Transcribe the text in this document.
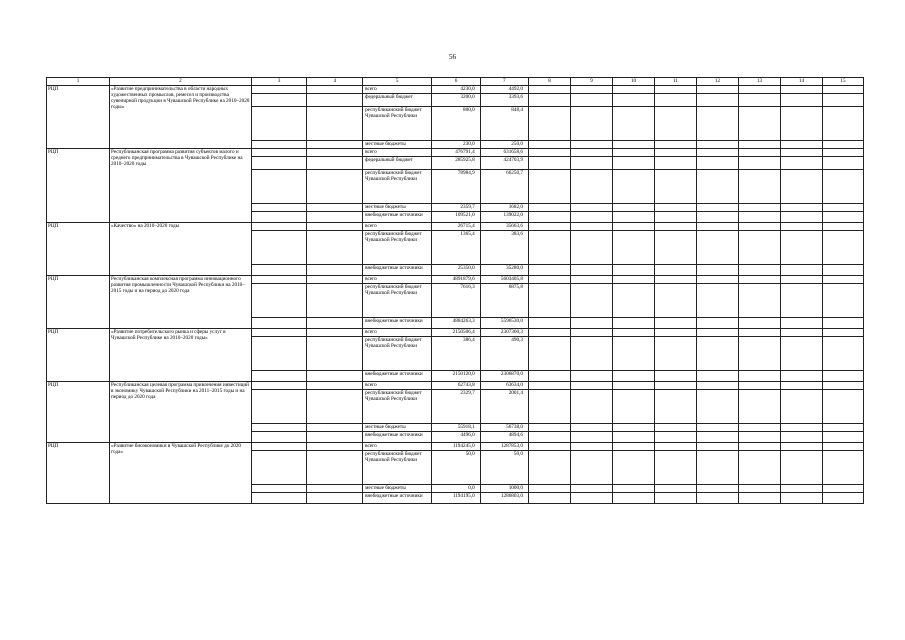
56
1	2	3	4	5	6	7	8	9	10	11	12	13	14	15
РЦП	«Развитие предпринимательства в области народных художественных промыслов, ремесел и производства сувенирной продукции в Чувашской Республике на 2010–2020 годы»			всего	4230,0	4492,0								
				федеральный бюджет	3200,0	3393,6								
				республиканский бюджет Чувашской Республики	800,0	848,4								
				местные бюджеты	230,0	250,0								
РЦП	Республиканская программа развития субъектов малого и среднего предпринимательства в Чувашской Республике на 2010–2020 годы			всего	476791,4	631658,6								
				федеральный бюджет	285925,8	424703,9								
				республиканский бюджет Чувашской Республики	78984,9	66250,7								
				местные бюджеты	2359,7	1682,0								
				внебюджетные источники	109521,0	139022,0								
РЦП	«Качество» на 2010–2020 годы			всего	26715,4	35663,6								
				республиканский бюджет Чувашской Республики	1365,4	383,6								
				внебюджетные источники	25350,0	35280,0								
РЦП	Республиканская комплексная программа инновационного развития промышленности Чувашской Республики на 2010–2015 годы и на период до 2020 года			всего	4891879,6	5603405,8								
				республиканский бюджет Чувашской Республики	7616,3	6875,8								
				внебюджетные источники	4884263,3	5596530,0								
РЦП	«Развитие потребительского рынка и сферы услуг в Чувашской Республике на 2010–2020 годы»			всего	2150506,4	2307360,3								
				республиканский бюджет Чувашской Республики	386,4	490,3								
				внебюджетные источники	2150120,0	2306870,0								
РЦП	Республиканская целевая программа привлечения инвестиций в экономику Чувашской Республики на 2011–2015 годы и на период до 2020 года			всего	62743,8	63634,0								
				республиканский бюджет Чувашской Республики	2329,7	2001,4								
				местные бюджеты	55918,1	56738,0								
				внебюджетные источники	4496,0	4894,6								
РЦП	«Развитие биоэкономики в Чувашской Республике до 2020 года»			всего	1194245,0	1287853,0								
				республиканский бюджет Чувашской Республики	50,0	50,0								
				местные бюджеты	0,0	1000,0								
				внебюджетные источники	1194195,0	1286803,0								
